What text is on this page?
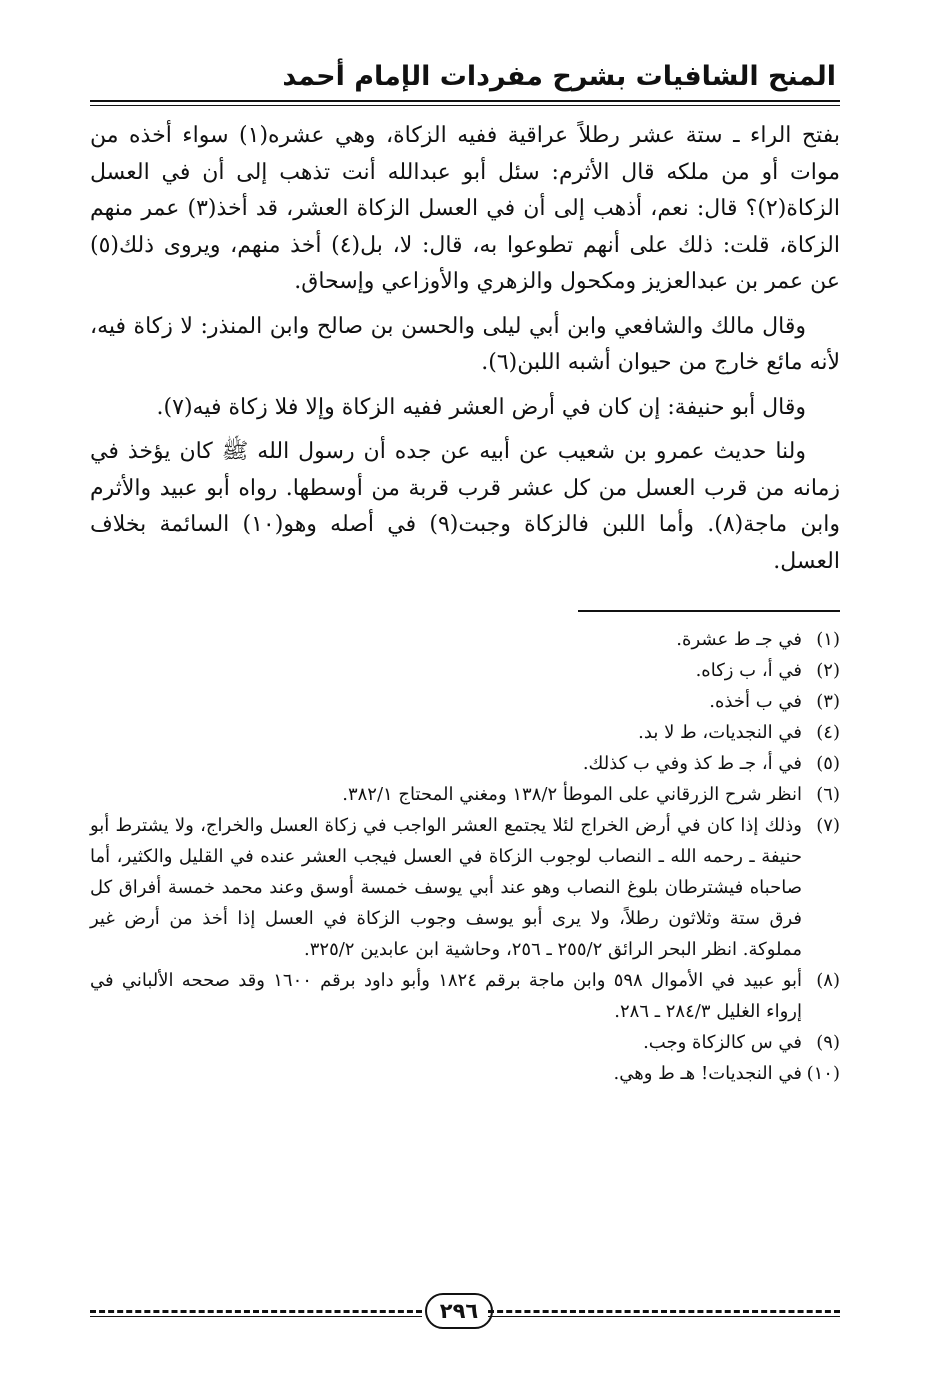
المنح الشافيات بشرح مفردات الإمام أحمد

بفتح الراء ـ ستة عشر رطلاً عراقية ففيه الزكاة، وهي عشره(١) سواء أخذه من موات أو من ملكه قال الأثرم: سئل أبو عبدالله أنت تذهب إلى أن في العسل الزكاة(٢)؟ قال: نعم، أذهب إلى أن في العسل الزكاة العشر، قد أخذ(٣) عمر منهم الزكاة، قلت: ذلك على أنهم تطوعوا به، قال: لا، بل(٤) أخذ منهم، ويروى ذلك(٥) عن عمر بن عبدالعزيز ومكحول والزهري والأوزاعي وإسحاق.

وقال مالك والشافعي وابن أبي ليلى والحسن بن صالح وابن المنذر: لا زكاة فيه، لأنه مائع خارج من حيوان أشبه اللبن(٦).

وقال أبو حنيفة: إن كان في أرض العشر ففيه الزكاة وإلا فلا زكاة فيه(٧).

ولنا حديث عمرو بن شعيب عن أبيه عن جده أن رسول الله ﷺ كان يؤخذ في زمانه من قرب العسل من كل عشر قرب قربة من أوسطها. رواه أبو عبيد والأثرم وابن ماجة(٨). وأما اللبن فالزكاة وجبت(٩) في أصله وهو(١٠) السائمة بخلاف العسل.

(١)
في جـ ط عشرة.
(٢)
في أ، ب زكاه.
(٣)
في ب أخذه.
(٤)
في النجديات، ط لا بد.
(٥)
في أ، جـ ط كذ وفي ب كذلك.
(٦)
انظر شرح الزرقاني على الموطأ ١٣٨/٢ ومغني المحتاج ٣٨٢/١.
(٧)
وذلك إذا كان في أرض الخراج لئلا يجتمع العشر الواجب في زكاة العسل والخراج، ولا يشترط أبو حنيفة ـ رحمه الله ـ النصاب لوجوب الزكاة في العسل فيجب العشر عنده في القليل والكثير، أما صاحباه فيشترطان بلوغ النصاب وهو عند أبي يوسف خمسة أوسق وعند محمد خمسة أفراق كل فرق ستة وثلاثون رطلاً، ولا يرى أبو يوسف وجوب الزكاة في العسل إذا أخذ من أرض غير مملوكة. انظر البحر الرائق ٢٥٥/٢ ـ ٢٥٦، وحاشية ابن عابدين ٣٢٥/٢.
(٨)
أبو عبيد في الأموال ٥٩٨ وابن ماجة برقم ١٨٢٤ وأبو داود برقم ١٦٠٠ وقد صححه الألباني في إرواء الغليل ٢٨٤/٣ ـ ٢٨٦.
(٩)
في س كالزكاة وجب.
(١٠)
في النجديات! هـ ط وهي.
٢٩٦
